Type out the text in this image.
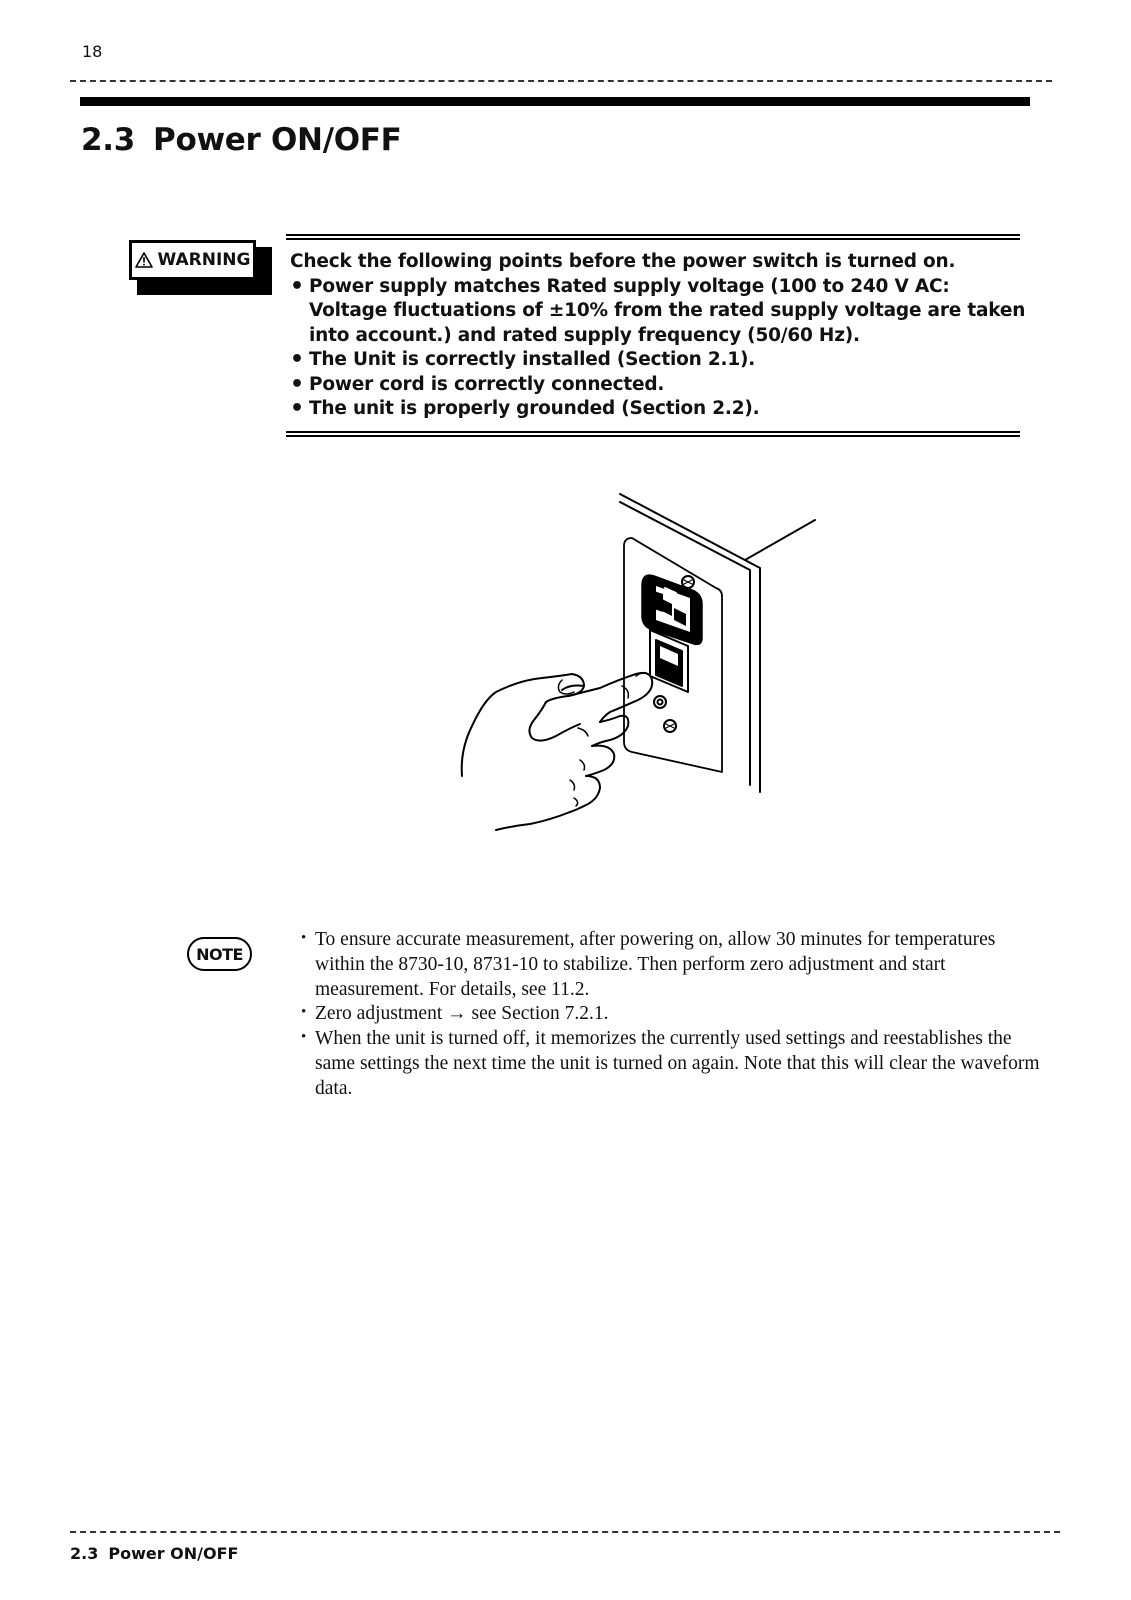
18
2.3 Power ON/OFF
WARNING Check the following points before the power switch is turned on.

• Power supply matches Rated supply voltage (100 to 240 V AC: Voltage fluctuations of ±10% from the rated supply voltage are taken into account.) and rated supply frequency (50/60 Hz).
• The Unit is correctly installed (Section 2.1).
• Power cord is correctly connected.
• The unit is properly grounded (Section 2.2).
NOTE
• To ensure accurate measurement, after powering on, allow 30 minutes for temperatures within the 8730-10, 8731-10 to stabilize. Then perform zero adjustment and start measurement. For details, see 11.2.
• Zero adjustment → see Section 7.2.1.
• When the unit is turned off, it memorizes the currently used settings and reestablishes the same settings the next time the unit is turned on again. Note that this will clear the waveform data.
2.3 Power ON/OFF
